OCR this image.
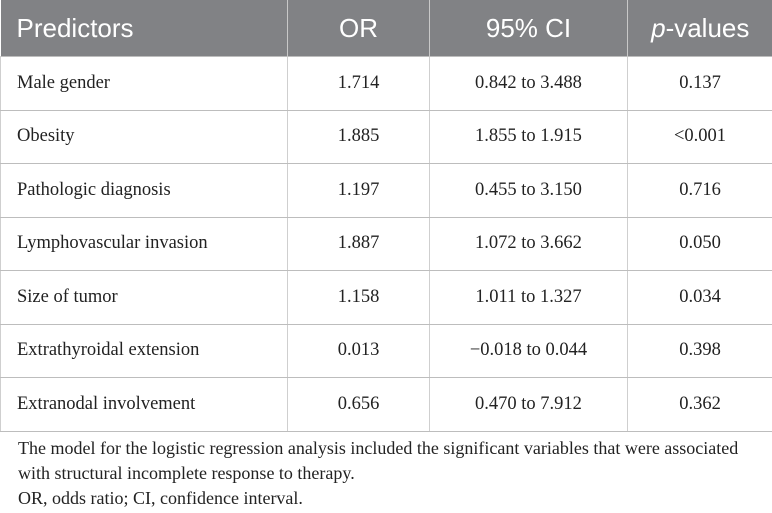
Predictors	OR	95% CI	p-values
Male gender	1.714	0.842 to 3.488	0.137
Obesity	1.885	1.855 to 1.915	<0.001
Pathologic diagnosis	1.197	0.455 to 3.150	0.716
Lymphovascular invasion	1.887	1.072 to 3.662	0.050
Size of tumor	1.158	1.011 to 1.327	0.034
Extrathyroidal extension	0.013	−0.018 to 0.044	0.398
Extranodal involvement	0.656	0.470 to 7.912	0.362

The model for the logistic regression analysis included the significant variables that were associated with structural incomplete response to therapy.

OR, odds ratio; CI, confidence interval.
